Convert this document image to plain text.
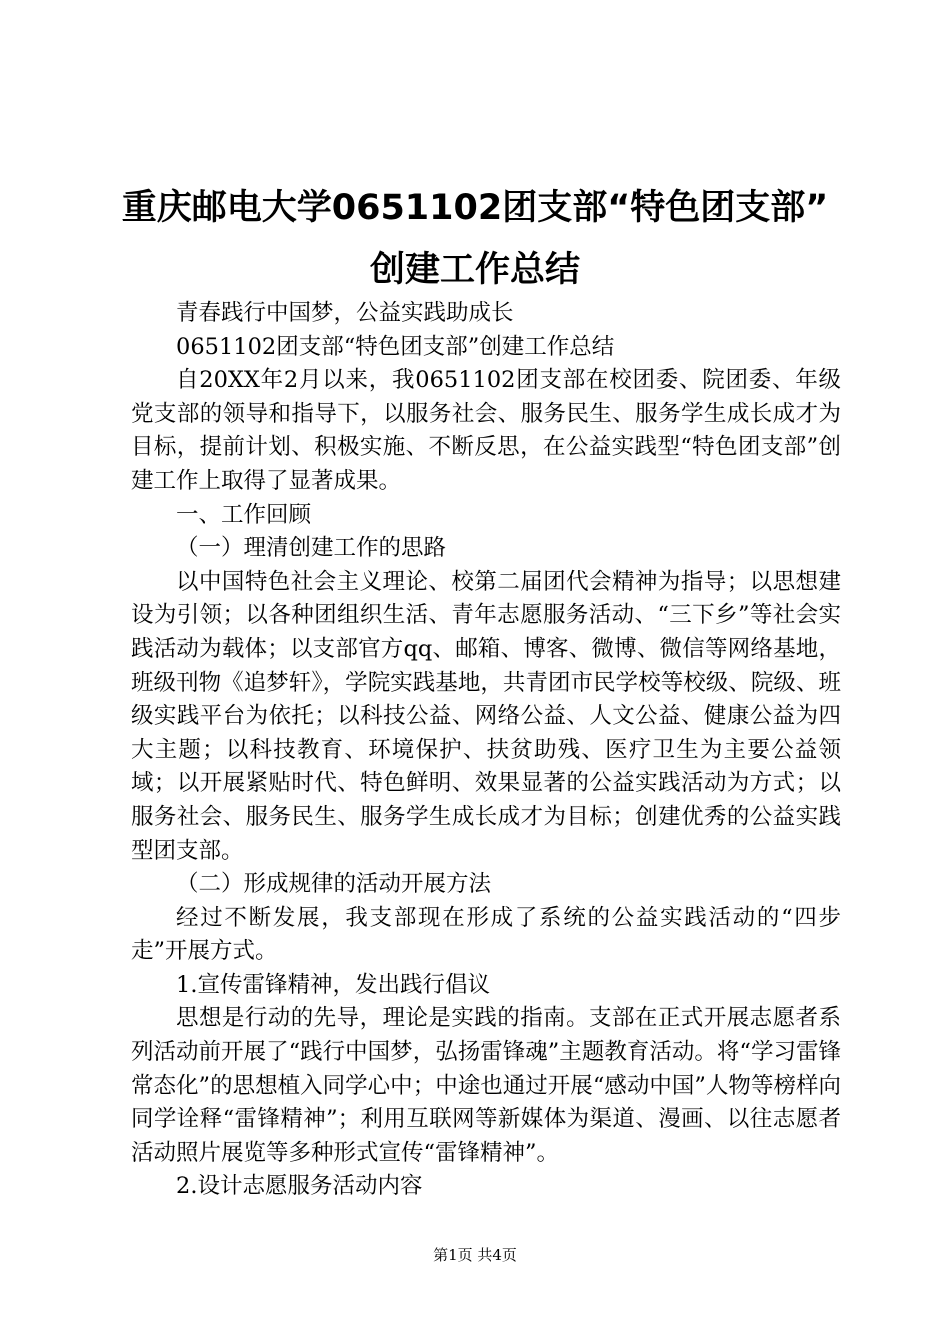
重庆邮电大学0651102团支部“特色团支部”
创建工作总结

青春践行中国梦，公益实践助成长

0651102团支部“特色团支部”创建工作总结

自20XX年2月以来，我0651102团支部在校团委、院团委、年级党支部的领导和指导下，以服务社会、服务民生、服务学生成长成才为目标，提前计划、积极实施、不断反思，在公益实践型“特色团支部”创建工作上取得了显著成果。

一、工作回顾

（一）理清创建工作的思路

以中国特色社会主义理论、校第二届团代会精神为指导；以思想建设为引领；以各种团组织生活、青年志愿服务活动、“三下乡”等社会实践活动为载体；以支部官方qq、邮箱、博客、微博、微信等网络基地，班级刊物《追梦轩》，学院实践基地，共青团市民学校等校级、院级、班级实践平台为依托；以科技公益、网络公益、人文公益、健康公益为四大主题；以科技教育、环境保护、扶贫助残、医疗卫生为主要公益领域；以开展紧贴时代、特色鲜明、效果显著的公益实践活动为方式；以服务社会、服务民生、服务学生成长成才为目标；创建优秀的公益实践型团支部。

（二）形成规律的活动开展方法

经过不断发展，我支部现在形成了系统的公益实践活动的“四步走”开展方式。

1.宣传雷锋精神，发出践行倡议

思想是行动的先导，理论是实践的指南。支部在正式开展志愿者系列活动前开展了“践行中国梦，弘扬雷锋魂”主题教育活动。将“学习雷锋常态化”的思想植入同学心中；中途也通过开展“感动中国”人物等榜样向同学诠释“雷锋精神”；利用互联网等新媒体为渠道、漫画、以往志愿者活动照片展览等多种形式宣传“雷锋精神”。

2.设计志愿服务活动内容

第1页 共4页
